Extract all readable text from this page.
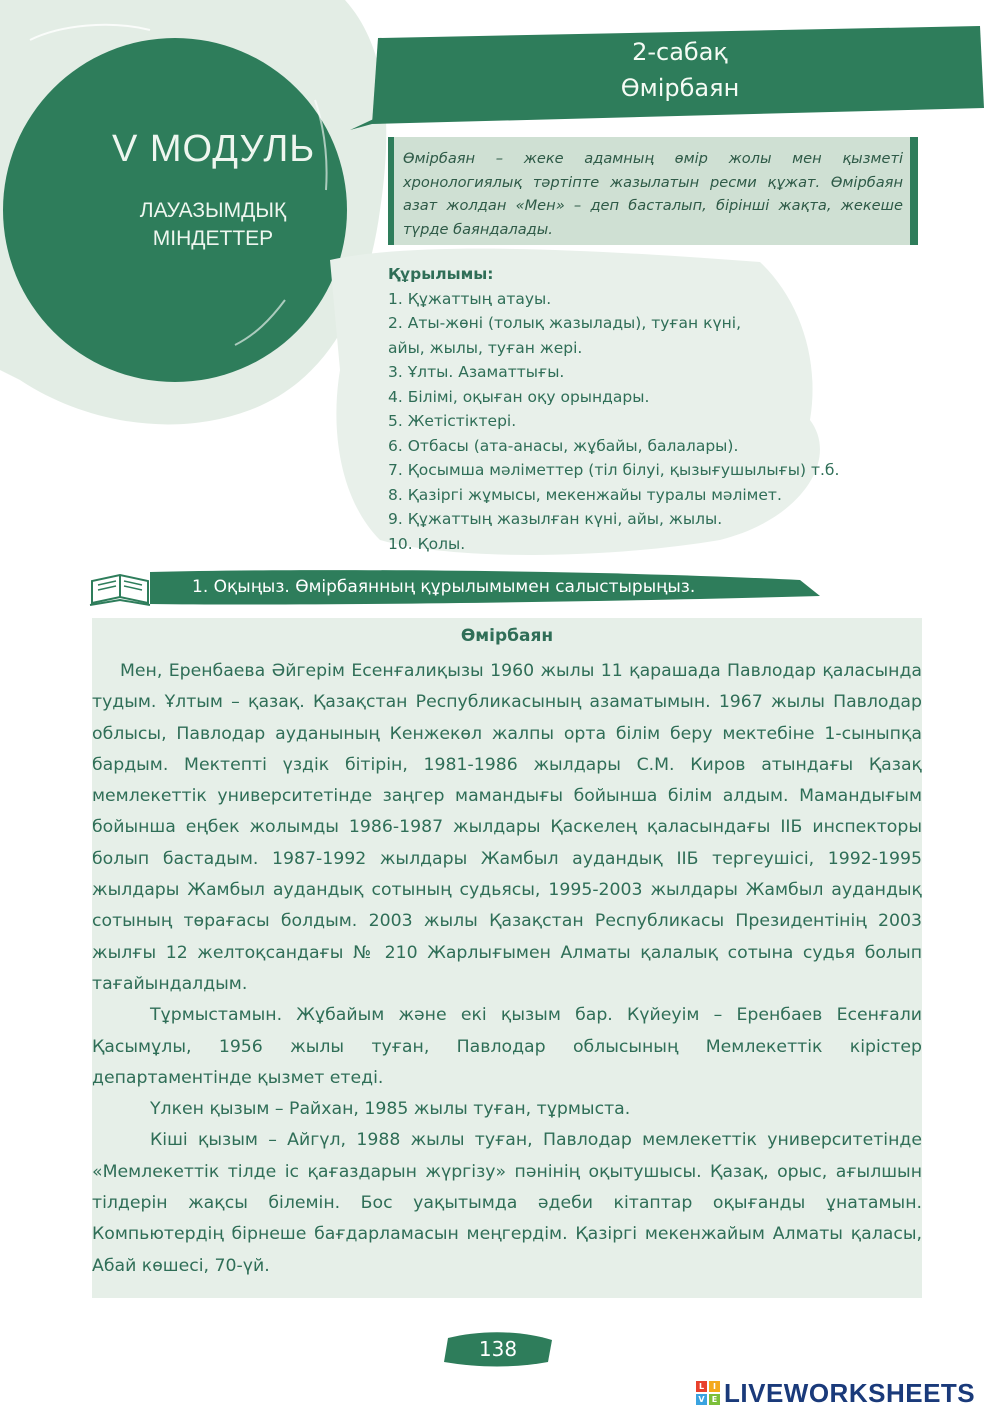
V МОДУЛЬ
ЛАУАЗЫМДЫҚ
МІНДЕТТЕР
2-сабақ
Өмірбаян
Өмірбаян – жеке адамның өмір жолы мен қызметі хронологиялық тәртіпте жазылатын ресми құжат. Өмірбаян азат жолдан «Мен» – деп басталып, бірінші жақта, жекеше түрде баяндалады.
Құрылымы:
1. Құжаттың атауы.
2. Аты-жөні (толық жазылады), туған күні,
айы, жылы, туған жері.
3. Ұлты. Азаматтығы.
4. Білімі, оқыған оқу орындары.
5. Жетістіктері.
6. Отбасы (ата-анасы, жұбайы, балалары).
7. Қосымша мәліметтер (тіл білуі, қызығушылығы) т.б.
8. Қазіргі жұмысы, мекенжайы туралы мәлімет.
9. Құжаттың жазылған күні, айы, жылы.
10. Қолы.
1. Оқыңыз. Өмірбаянның құрылымымен салыстырыңыз.
Өмірбаян

Мен, Еренбаева Әйгерім Есенғалиқызы 1960 жылы 11 қарашада Павлодар қаласында тудым. Ұлтым – қазақ. Қазақстан Республикасының азаматымын. 1967 жылы Павлодар облысы, Павлодар ауданының Кенжекөл жалпы орта білім беру мектебіне 1-сыныпқа бардым. Мектепті үздік бітірін, 1981-1986 жылдары С.М. Киров атындағы Қазақ мемлекеттік университетінде заңгер мамандығы бойынша білім алдым. Мамандығым бойынша еңбек жолымды 1986-1987 жылдары Қаскелең қаласындағы ІІБ инспекторы болып бастадым. 1987-1992 жылдары Жамбыл аудандық ІІБ тергеушісі, 1992-1995 жылдары Жамбыл аудандық сотының судьясы, 1995-2003 жылдары Жамбыл аудандық сотының төрағасы болдым. 2003 жылы Қазақстан Республикасы Президентінің 2003 жылғы 12 желтоқсандағы № 210 Жарлығымен Алматы қалалық сотына судья болып тағайындалдым.

Тұрмыстамын. Жұбайым және екі қызым бар. Күйеуім – Еренбаев Есенғали Қасымұлы, 1956 жылы туған, Павлодар облысының Мемлекеттік кірістер департаментінде қызмет етеді.

Үлкен қызым – Райхан, 1985 жылы туған, тұрмыста.

Кіші қызым – Айгүл, 1988 жылы туған, Павлодар мемлекеттік университетінде «Мемлекеттік тілде іс қағаздарын жүргізу» пәнінің оқытушысы. Қазақ, орыс, ағылшын тілдерін жақсы білемін. Бос уақытымда әдеби кітаптар оқығанды ұнатамын. Компьютердің бірнеше бағдарламасын меңгердім. Қазіргі мекенжайым Алматы қаласы, Абай көшесі, 70-үй.

138
L	I
V E LIVEWORKSHEETS
